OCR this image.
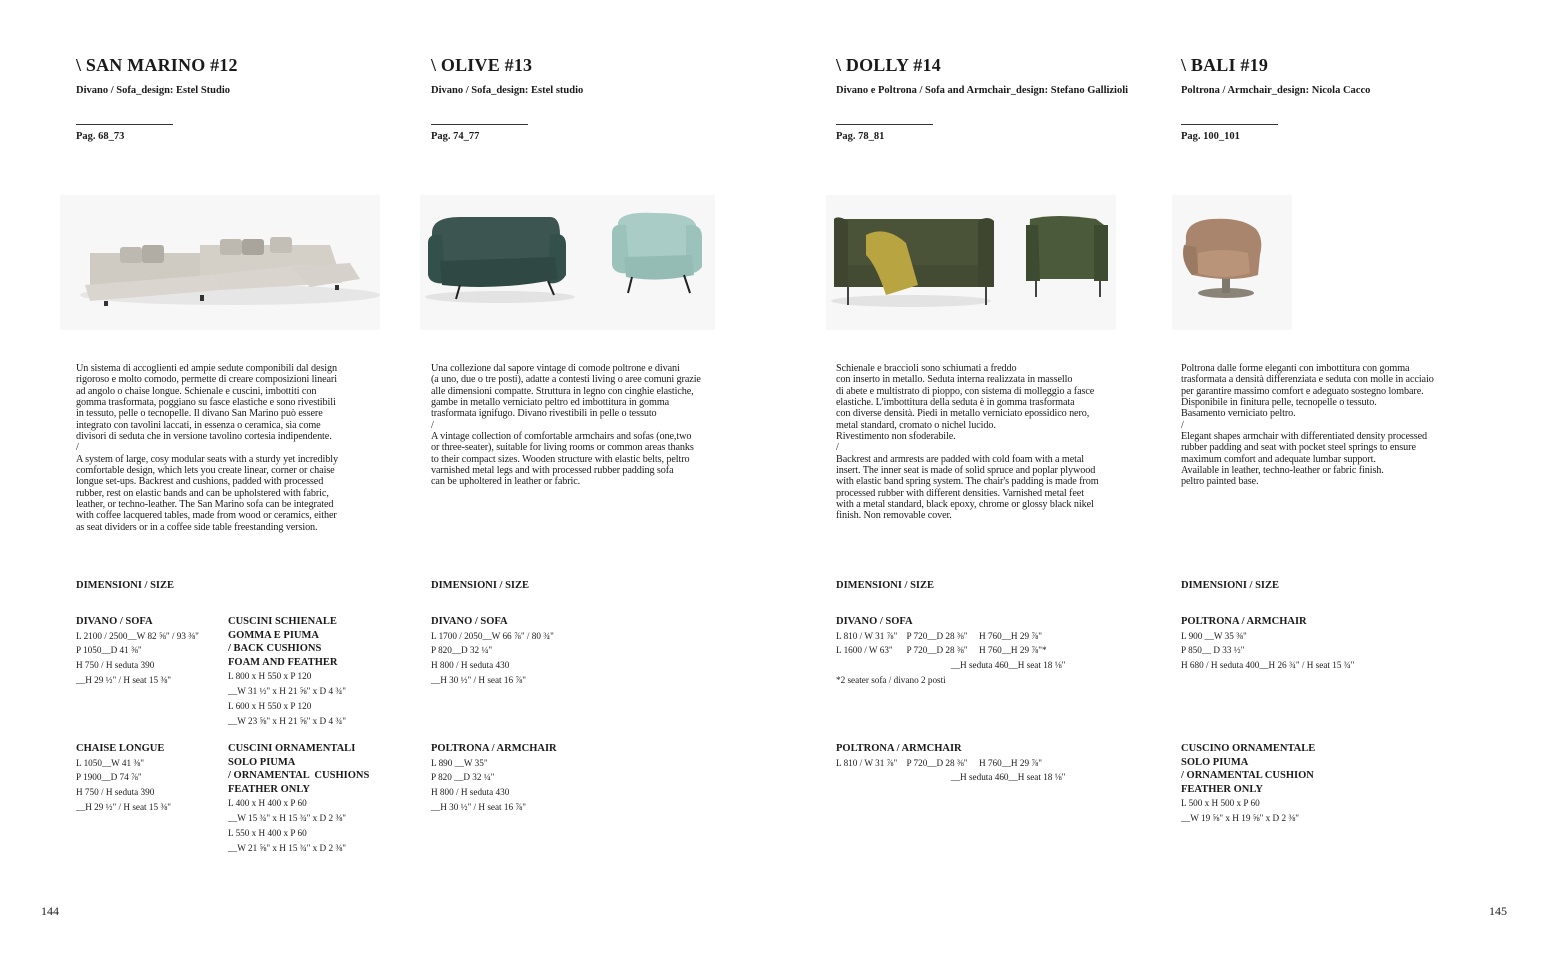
\ SAN MARINO #12
Divano / Sofa_design: Estel Studio
Pag. 68_73
Un sistema di accoglienti ed ampie sedute componibili dal design
rigoroso e molto comodo, permette di creare composizioni lineari
ad angolo o chaise longue. Schienale e cuscini, imbottiti con
gomma trasformata, poggiano su fasce elastiche e sono rivestibili
in tessuto, pelle o tecnopelle. Il divano San Marino può essere
integrato con tavolini laccati, in essenza o ceramica, sia come
divisori di seduta che in versione tavolino cortesia indipendente.
/
A system of large, cosy modular seats with a sturdy yet incredibly
comfortable design, which lets you create linear, corner or chaise
longue set-ups. Backrest and cushions, padded with processed
rubber, rest on elastic bands and can be upholstered with fabric,
leather, or techno-leather. The San Marino sofa can be integrated
with coffee lacquered tables, made from wood or ceramics, either
as seat dividers or in a coffee side table freestanding version.
DIMENSIONI / SIZE
DIVANO / SOFA
L 2100 / 2500__W 82 ⅝" / 93 ⅜"
P 1050__D 41 ⅜"
H 750 / H seduta 390
__H 29 ½" / H seat 15 ⅜"
CUSCINI SCHIENALE
GOMMA E PIUMA
/ BACK CUSHIONS
FOAM AND FEATHER
L 800 x H 550 x P 120
__W 31 ½" x H 21 ⅝" x D 4 ¾"
L 600 x H 550 x P 120
__W 23 ⅝" x H 21 ⅝" x D 4 ¾"
CHAISE LONGUE
L 1050__W 41 ⅜"
P 1900__D 74 ⅞"
H 750 / H seduta 390
__H 29 ½" / H seat 15 ⅜"
CUSCINI ORNAMENTALI
SOLO PIUMA
/ ORNAMENTAL  CUSHIONS
FEATHER ONLY
L 400 x H 400 x P 60
__W 15 ¾" x H 15 ¾" x D 2 ⅜"
L 550 x H 400 x P 60
__W 21 ⅝" x H 15 ¾" x D 2 ⅜"
\ OLIVE #13
Divano / Sofa_design: Estel studio
Pag. 74_77
Una collezione dal sapore vintage di comode poltrone e divani
(a uno, due o tre posti), adatte a contesti living o aree comuni grazie
alle dimensioni compatte. Struttura in legno con cinghie elastiche,
gambe in metallo verniciato peltro ed imbottitura in gomma
trasformata ignifugo. Divano rivestibili in pelle o tessuto
/
A vintage collection of comfortable armchairs and sofas (one,two
or three-seater), suitable for living rooms or common areas thanks
to their compact sizes. Wooden structure with elastic belts, peltro
varnished metal legs and with processed rubber padding sofa
can be upholtered in leather or fabric.
DIMENSIONI / SIZE
DIVANO / SOFA
L 1700 / 2050__W 66 ⅞" / 80 ¾"
P 820__D 32 ¼"
H 800 / H seduta 430
__H 30 ½" / H seat 16 ⅞"
POLTRONA / ARMCHAIR
L 890 __W 35"
P 820 __D 32 ¼"
H 800 / H seduta 430
__H 30 ½" / H seat 16 ⅞"
\ DOLLY #14
Divano e Poltrona / Sofa and Armchair_design: Stefano Gallizioli
Pag. 78_81
Schienale e braccioli sono schiumati a freddo
con inserto in metallo. Seduta interna realizzata in massello
di abete e multistrato di pioppo, con sistema di molleggio a fasce
elastiche. L'imbottitura della seduta è in gomma trasformata
con diverse densità. Piedi in metallo verniciato epossidico nero,
metal standard, cromato o nichel lucido.
Rivestimento non sfoderabile.
/
Backrest and armrests are padded with cold foam with a metal
insert. The inner seat is made of solid spruce and poplar plywood
with elastic band spring system. The chair's padding is made from
processed rubber with different densities. Varnished metal feet
with a metal standard, black epoxy, chrome or glossy black nikel
finish. Non removable cover.
DIMENSIONI / SIZE
DIVANO / SOFA
L 810 / W 31 ⅞"    P 720__D 28 ⅜"     H 760__H 29 ⅞"
L 1600 / W 63"      P 720__D 28 ⅜"     H 760__H 29 ⅞"*
__H seduta 460__H seat 18 ⅛"
*2 seater sofa / divano 2 posti
POLTRONA / ARMCHAIR
L 810 / W 31 ⅞"    P 720__D 28 ⅜"     H 760__H 29 ⅞"
__H seduta 460__H seat 18 ⅛"
\ BALI #19
Poltrona / Armchair_design: Nicola Cacco
Pag. 100_101
Poltrona dalle forme eleganti con imbottitura con gomma
trasformata a densità differenziata e seduta con molle in acciaio
per garantire massimo comfort e adeguato sostegno lombare.
Disponibile in finitura pelle, tecnopelle o tessuto.
Basamento verniciato peltro.
/
Elegant shapes armchair with differentiated density processed
rubber padding and seat with pocket steel springs to ensure
maximum comfort and adequate lumbar support.
Available in leather, techno-leather or fabric finish.
peltro painted base.
DIMENSIONI / SIZE
POLTRONA / ARMCHAIR
L 900 __W 35 ⅜"
P 850__ D 33 ½"
H 680 / H seduta 400__H 26 ¾" / H seat 15 ¾"
CUSCINO ORNAMENTALE
SOLO PIUMA
/ ORNAMENTAL CUSHION
FEATHER ONLY
L 500 x H 500 x P 60
__W 19 ⅝" x H 19 ⅝" x D 2 ⅜"
144	145
